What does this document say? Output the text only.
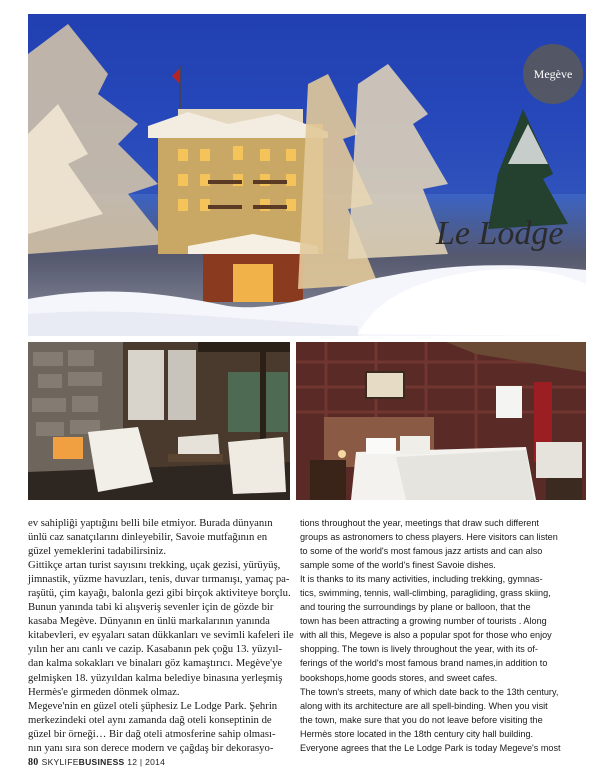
Le Lodge
Megève

ev sahipliği yaptığını belli bile etmiyor. Burada dünyanın

ünlü caz sanatçılarını dinleyebilir, Savoie mutfağının en

güzel yemeklerini tadabilirsiniz.

Gittikçe artan turist sayısını trekking, uçak gezisi, yürüyüş,

jimnastik, yüzme havuzları, tenis, duvar tırmanışı, yamaç pa-

raşütü, çim kayağı, balonla gezi gibi birçok aktiviteye borçlu.

Bunun yanında tabi ki alışveriş sevenler için de gözde bir

kasaba Megève. Dünyanın en ünlü markalarının yanında

kitabevleri, ev eşyaları satan dükkanları ve sevimli kafeleri ile

yılın her anı canlı ve cazip. Kasabanın pek çoğu 13. yüzyıl-

dan kalma sokakları ve binaları göz kamaştırıcı. Megève'ye

gelmişken 18. yüzyıldan kalma belediye binasına yerleşmiş

Hermès'e girmeden dönmek olmaz.

Megeve'nin en güzel oteli şüphesiz Le Lodge Park. Şehrin

merkezindeki otel aynı zamanda dağ oteli konseptinin de

güzel bir örneği… Bir dağ oteli atmosferine sahip olması-

nın yanı sıra son derece modern ve çağdaş bir dekorasyo-

tions throughout the year, meetings that draw such different

groups as astronomers to chess players. Here visitors can listen

to some of the world's most famous jazz artists and can also

sample some of the world's finest Savoie dishes.

It is thanks to its many activities, including trekking, gymnas-

tics, swimming, tennis, wall-climbing, paragliding, grass skiing,

and touring the surroundings by plane or balloon, that the

town has been attracting a growing number of tourists . Along

with all this, Megeve is also a popular spot for those who enjoy

shopping. The town is lively throughout the year, with its of-

ferings of the world's most famous brand names,in addition to

bookshops,home goods stores, and sweet cafes.

The town's streets, many of which date back to the 13th century,

along with its architecture are all spell-binding. When you visit

the town, make sure that you do not leave before visiting the

Hermès store located in the 18th century city hall building.

Everyone agrees that the Le Lodge Park is today Megeve's most

80 SKYLIFEBUSINESS 12 | 2014
